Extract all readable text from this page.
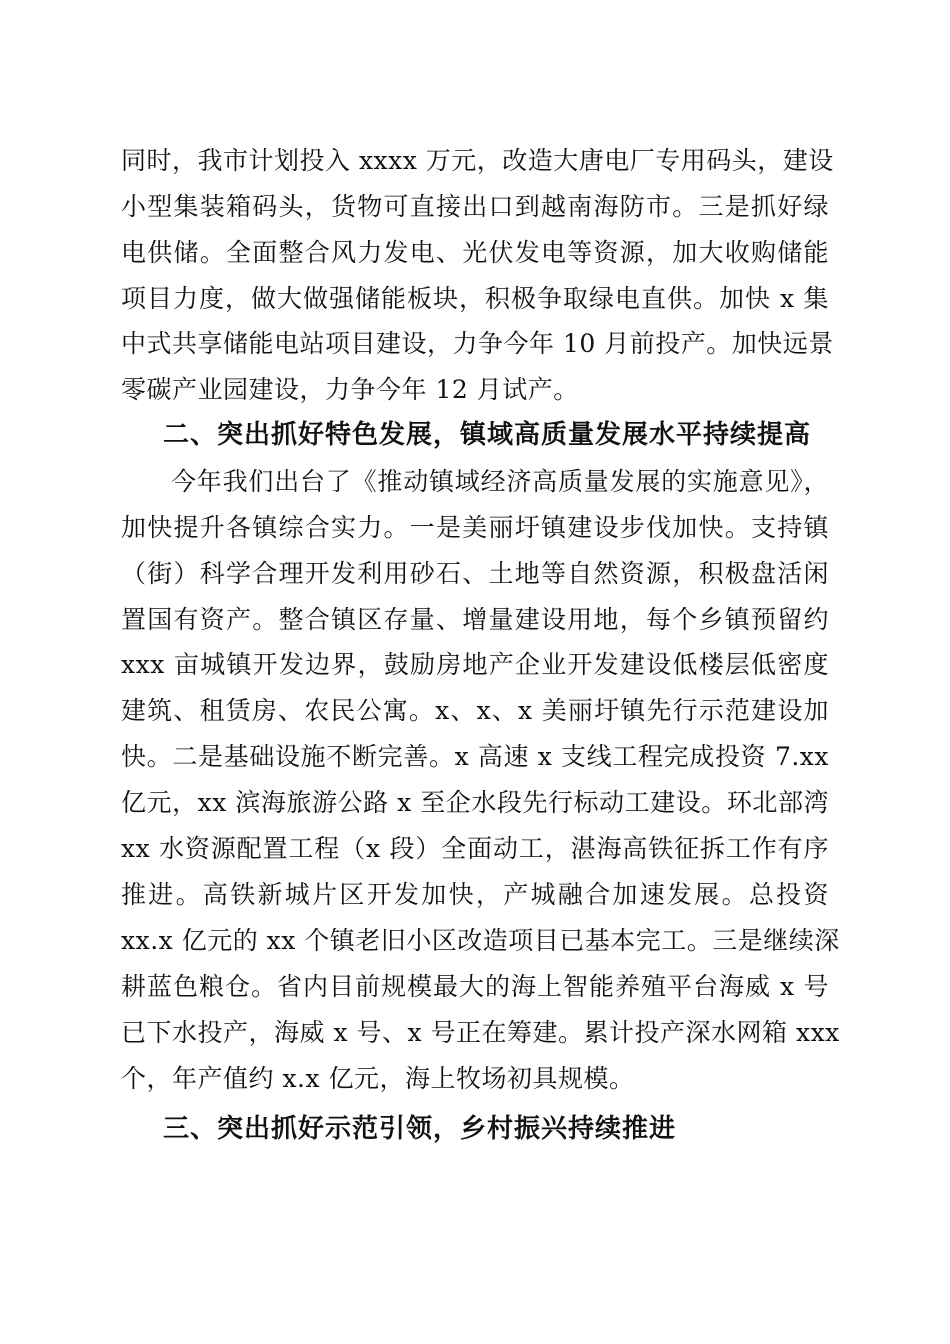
同时，我市计划投入 xxxx 万元，改造大唐电厂专用码头，建设
小型集装箱码头，货物可直接出口到越南海防市。三是抓好绿
电供储。全面整合风力发电、光伏发电等资源，加大收购储能
项目力度，做大做强储能板块，积极争取绿电直供。加快 x 集
中式共享储能电站项目建设，力争今年 10 月前投产。加快远景
零碳产业园建设，力争今年 12 月试产。
二、突出抓好特色发展，镇域高质量发展水平持续提高
今年我们出台了《推动镇域经济高质量发展的实施意见》，
加快提升各镇综合实力。一是美丽圩镇建设步伐加快。支持镇
（街）科学合理开发利用砂石、土地等自然资源，积极盘活闲
置国有资产。整合镇区存量、增量建设用地，每个乡镇预留约
xxx 亩城镇开发边界，鼓励房地产企业开发建设低楼层低密度
建筑、租赁房、农民公寓。x、x、x 美丽圩镇先行示范建设加
快。二是基础设施不断完善。x 高速 x 支线工程完成投资 7.xx
亿元，xx 滨海旅游公路 x 至企水段先行标动工建设。环北部湾
xx 水资源配置工程（x 段）全面动工，湛海高铁征拆工作有序
推进。高铁新城片区开发加快，产城融合加速发展。总投资
xx.x 亿元的 xx 个镇老旧小区改造项目已基本完工。三是继续深
耕蓝色粮仓。省内目前规模最大的海上智能养殖平台海威 x 号
已下水投产，海威 x 号、x 号正在筹建。累计投产深水网箱 xxx
个，年产值约 x.x 亿元，海上牧场初具规模。
三、突出抓好示范引领，乡村振兴持续推进
